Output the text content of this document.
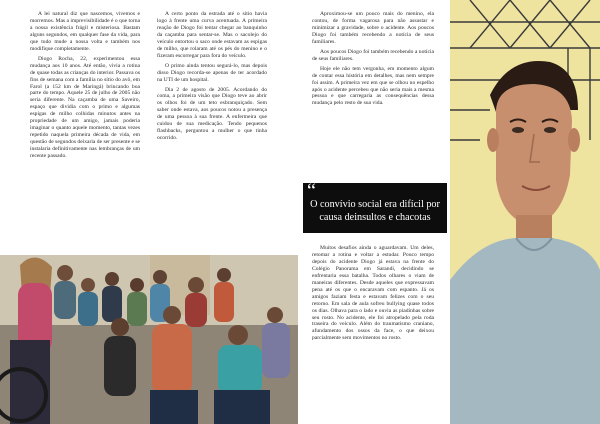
A lei natural diz que nascemos, vivemos e morremos. Mas a imprevisibilidade é o que torna a nossa existência frágil e misteriosa. Bastam alguns segundos, em qualquer fase da vida, para que tudo mude a nossa volta e também nos modifique completamente.

Diogo Rocha, 22, experimentou essa mudança aos 10 anos. Até então, vivia a rotina de quase todas as crianças do interior. Passava os fins de semana com a família no sítio do avô, em Farol (a 152 km de Maringá) brincando boa parte do tempo. Aquele 25 de julho de 2005 não seria diferente. Na caçamba de uma Saveiro, espaço que dividia com o primo e algumas espigas de milho colhidas minutos antes na propriedade de um amigo, jamais poderia imaginar o quanto aquele momento, tantas vezes repetido naquela primeira década de vida, em questão de segundos deixaria de ser presente e se instalaria definitivamente nas lembranças de um recente passado.

A certo ponto da estrada até o sítio havia logo à frente uma curva acentuada. A primeira reação de Diogo foi tentar chegar ao banquinho da caçamba para sentar-se. Mas o sacolejo do veículo entortou o saco onde estavam as espigas de milho, que rolaram até os pés do menino e o fizeram escorregar para fora do veículo.

O primo ainda tentou segurá-lo, mas depois disso Diogo recorda-se apenas de ter acordado na UTI de um hospital.

Dia 2 de agosto de 2005. Acordando do coma, a primeira visão que Diogo teve ao abrir os olhos foi de um teto esbranquiçado. Sem saber onde estava, aos poucos notou a presença de uma pessoa à sua frente. A enfermeira que cuidou de sua medicação. Tendo pequenos flashbacks, perguntou a mulher o que tinha ocorrido.

Aproximou-se um pouco mais do menino, ela contou, de forma vagarosa para não assustar e minimizar a gravidade, sobre o acidente. Aos poucos Diogo foi também recebendo a notícia de seus familiares.

Aos poucos Diogo foi também recebendo a notícia de seus familiares.

Hoje ele não tem vergonha, em momento algum de contar essa história em detalhes, mas nem sempre foi assim. A primeira vez em que se olhou no espelho após o acidente percebeu que não seria mais a mesma pessoa e que carregaria as consequências dessa mudança pelo resto de sua vida.

“
O convívio social era difícil por causa deinsultos e chacotas

Muitos desafios ainda o aguardavam. Um deles, retomar a rotina e voltar a estudar. Pouco tempo depois do acidente Diogo já estava na frente do Colégio Panorama em Sarandi, decidindo se enfrentaria essa batalha. Todos olhares o viam de maneiras diferentes. Desde aqueles que expressavam pena até os que o encaravam com espanto. Já os amigos faziam festa e estavam felizes com o seu retorno. Em sala de aula sofreu bullying quase todos os dias. Olhava para o lado e ouvia as piadinhas sobre seu rosto. No acidente, ele foi atropelado pela roda traseira do veículo. Além do traumatismo craniano, afundamento dos ossos da face, o que deixou parcialmente sem movimentos no rosto.
